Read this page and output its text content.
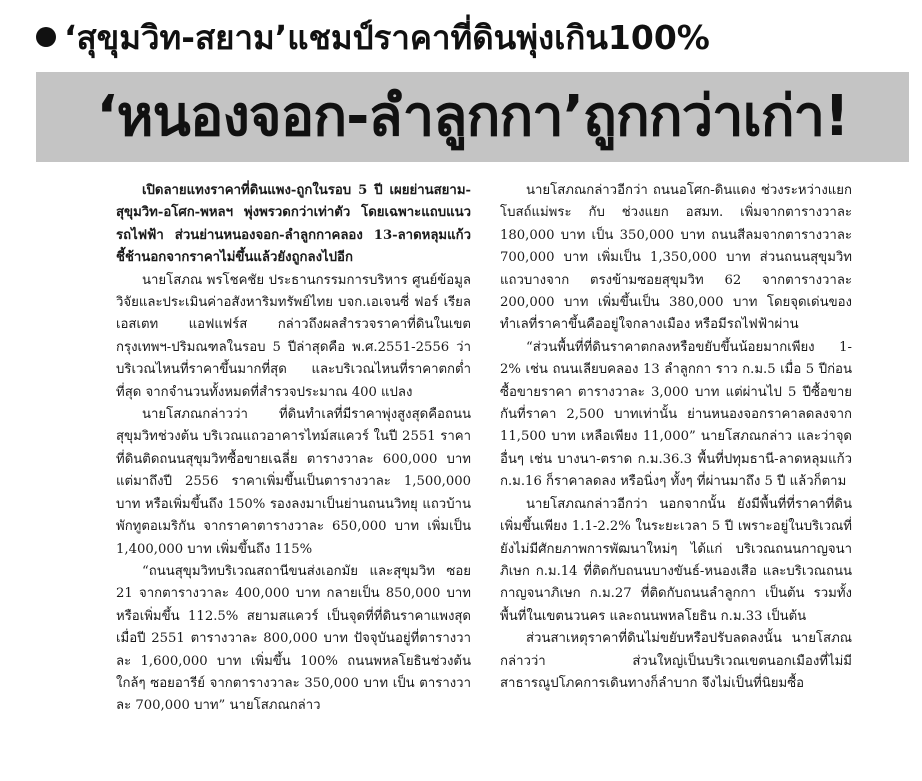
‘สุขุมวิท-สยาม’แชมป์ราคาที่ดินพุ่งเกิน100%
‘หนองจอก-ลำลูกกา’ถูกกว่าเก่า!

เปิดลายแทงราคาที่ดินแพง-ถูกในรอบ 5 ปี เผยย่านสยาม-สุขุมวิท-อโศก-พหลฯ พุ่งพรวดกว่าเท่าตัว โดยเฉพาะแถบแนวรถไฟฟ้า ส่วนย่านหนองจอก-ลำลูกกาคลอง 13-ลาดหลุมแก้ว ชี้ช้านอกจากราคาไม่ขึ้นแล้วยังถูกลงไปอีก

นายโสภณ พรโชคชัย ประธานกรรมการบริหาร ศูนย์ข้อมูลวิจัยและประเมินค่าอสังหาริมทรัพย์ไทย บจก.เอเจนซี่ ฟอร์ เรียลเอสเตท แอฟแฟร์ส กล่าวถึงผลสำรวจราคาที่ดินในเขตกรุงเทพฯ-ปริมณฑลในรอบ 5 ปีล่าสุดคือ พ.ศ.2551-2556 ว่า บริเวณไหนที่ราคาขึ้นมากที่สุด และบริเวณไหนที่ราคาตกต่ำที่สุด จากจำนวนทั้งหมดที่สำรวจประมาณ 400 แปลง

นายโสภณกล่าวว่า ที่ดินทำเลที่มีราคาพุ่งสูงสุดคือถนนสุขุมวิทช่วงต้น บริเวณแถวอาคารไทม์สแควร์ ในปี 2551 ราคาที่ดินติดถนนสุขุมวิทซื้อขายเฉลี่ย ตารางวาละ 600,000 บาท แต่มาถึงปี 2556 ราคาเพิ่มขึ้นเป็นตารางวาละ 1,500,000 บาท หรือเพิ่มขึ้นถึง 150% รองลงมาเป็นย่านถนนวิทยุ แถวบ้านพักทูตอเมริกัน จากราคาตารางวาละ 650,000 บาท เพิ่มเป็น 1,400,000 บาท เพิ่มขึ้นถึง 115%

“ถนนสุขุมวิทบริเวณสถานีขนส่งเอกมัย และสุขุมวิท ซอย 21 จากตารางวาละ 400,000 บาท กลายเป็น 850,000 บาท หรือเพิ่มขึ้น 112.5% สยามสแควร์ เป็นจุดที่ที่ดินราคาแพงสุด เมื่อปี 2551 ตารางวาละ 800,000 บาท ปัจจุบันอยู่ที่ตารางวาละ 1,600,000 บาท เพิ่มขึ้น 100% ถนนพหลโยธินช่วงต้นใกล้ๆ ซอยอารีย์ จากตารางวาละ 350,000 บาท เป็น ตารางวาละ 700,000 บาท” นายโสภณกล่าว

นายโสภณกล่าวอีกว่า ถนนอโศก-ดินแดง ช่วงระหว่างแยกโบสถ์แม่พระ กับ ช่วงแยก อสมท. เพิ่มจากตารางวาละ 180,000 บาท เป็น 350,000 บาท ถนนสีลมจากตารางวาละ 700,000 บาท เพิ่มเป็น 1,350,000 บาท ส่วนถนนสุขุมวิท แถวบางจาก ตรงข้ามซอยสุขุมวิท 62 จากตารางวาละ 200,000 บาท เพิ่มขึ้นเป็น 380,000 บาท โดยจุดเด่นของทำเลที่ราคาขึ้นคืออยู่ใจกลางเมือง หรือมีรถไฟฟ้าผ่าน

“ส่วนพื้นที่ที่ดินราคาตกลงหรือขยับขึ้นน้อยมากเพียง 1-2% เช่น ถนนเลียบคลอง 13 ลำลูกกา ราว ก.ม.5 เมื่อ 5 ปีก่อนซื้อขายราคา ตารางวาละ 3,000 บาท แต่ผ่านไป 5 ปีซื้อขายกันที่ราคา 2,500 บาทเท่านั้น ย่านหนองจอกราคาลดลงจาก 11,500 บาท เหลือเพียง 11,000” นายโสภณกล่าว และว่าจุดอื่นๆ เช่น บางนา-ตราด ก.ม.36.3 พื้นที่ปทุมธานี-ลาดหลุมแก้ว ก.ม.16 ก็ราคาลดลง หรือนิ่งๆ ทั้งๆ ที่ผ่านมาถึง 5 ปี แล้วก็ตาม

นายโสภณกล่าวอีกว่า นอกจากนั้น ยังมีพื้นที่ที่ราคาที่ดินเพิ่มขึ้นเพียง 1.1-2.2% ในระยะเวลา 5 ปี เพราะอยู่ในบริเวณที่ยังไม่มีศักยภาพการพัฒนาใหม่ๆ ได้แก่ บริเวณถนนกาญจนาภิเษก ก.ม.14 ที่ติดกับถนนบางขันธ์-หนองเสือ และบริเวณถนนกาญจนาภิเษก ก.ม.27 ที่ติดกับถนนลำลูกกา เป็นต้น รวมทั้งพื้นที่ในเขตนวนคร และถนนพหลโยธิน ก.ม.33 เป็นต้น

ส่วนสาเหตุราคาที่ดินไม่ขยับหรือปรับลดลงนั้น นายโสภณกล่าวว่า ส่วนใหญ่เป็นบริเวณเขตนอกเมืองที่ไม่มีสาธารณูปโภคการเดินทางก็ลำบาก จึงไม่เป็นที่นิยมซื้อ
